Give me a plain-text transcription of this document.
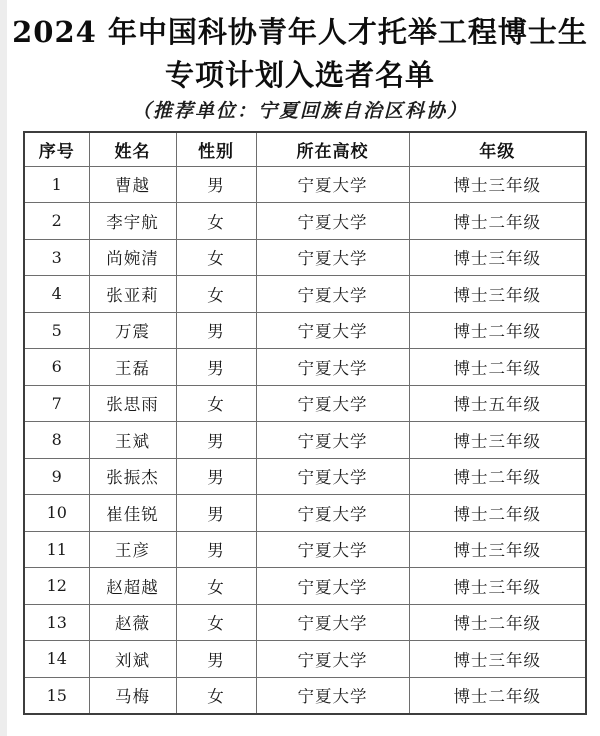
2024 年中国科协青年人才托举工程博士生
专项计划入选者名单
（推荐单位：宁夏回族自治区科协）
序号	姓名	性别	所在高校	年级
1	曹越	男	宁夏大学	博士三年级
2	李宇航	女	宁夏大学	博士二年级
3	尚婉清	女	宁夏大学	博士三年级
4	张亚莉	女	宁夏大学	博士三年级
5	万震	男	宁夏大学	博士二年级
6	王磊	男	宁夏大学	博士二年级
7	张思雨	女	宁夏大学	博士五年级
8	王斌	男	宁夏大学	博士三年级
9	张振杰	男	宁夏大学	博士二年级
10	崔佳锐	男	宁夏大学	博士二年级
11	王彦	男	宁夏大学	博士三年级
12	赵超越	女	宁夏大学	博士三年级
13	赵薇	女	宁夏大学	博士二年级
14	刘斌	男	宁夏大学	博士三年级
15	马梅	女	宁夏大学	博士二年级
